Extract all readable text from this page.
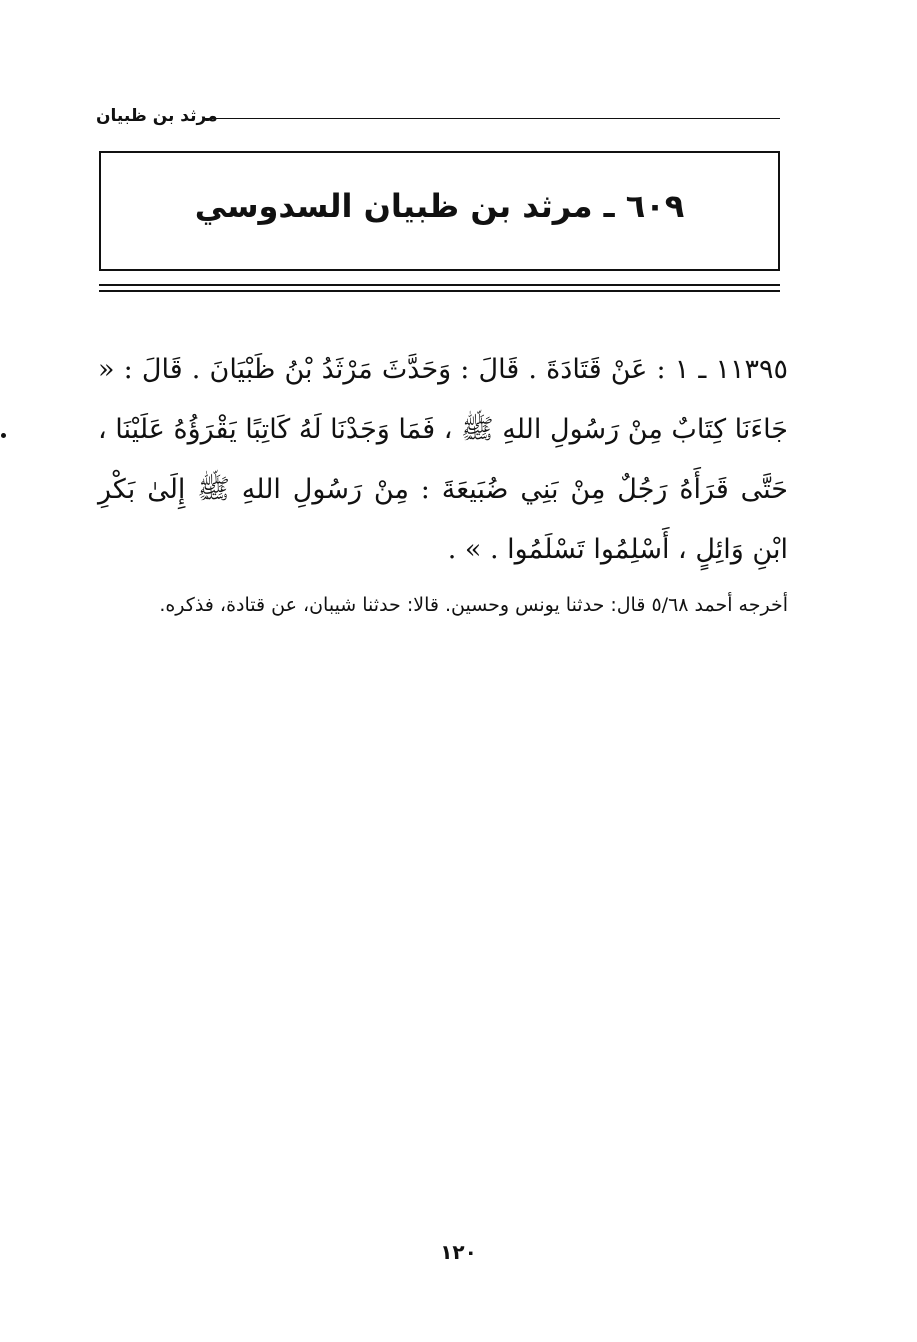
مرثد بن ظبيان
٦٠٩ ـ مرثد بن ظبيان السدوسي
١١٣٩٥ ـ ١ : عَنْ قَتَادَةَ . قَالَ : وَحَدَّثَ مَرْثَدُ بْنُ ظَبْيَانَ . قَالَ : « جَاءَنَا كِتَابٌ مِنْ رَسُولِ اللهِ ﷺ ، فَمَا وَجَدْنَا لَهُ كَاتِبًا يَقْرَؤُهُ عَلَيْنَا ، حَتَّى قَرَأَهُ رَجُلٌ مِنْ بَنِي ضُبَيعَةَ : مِنْ رَسُولِ اللهِ ﷺ إِلَىٰ بَكْرِ ابْنِ وَائِلٍ ، أَسْلِمُوا تَسْلَمُوا . » .
أخرجه أحمد ٥/٦٨ قال: حدثنا يونس وحسين. قالا: حدثنا شيبان، عن قتادة، فذكره.
١٢٠
